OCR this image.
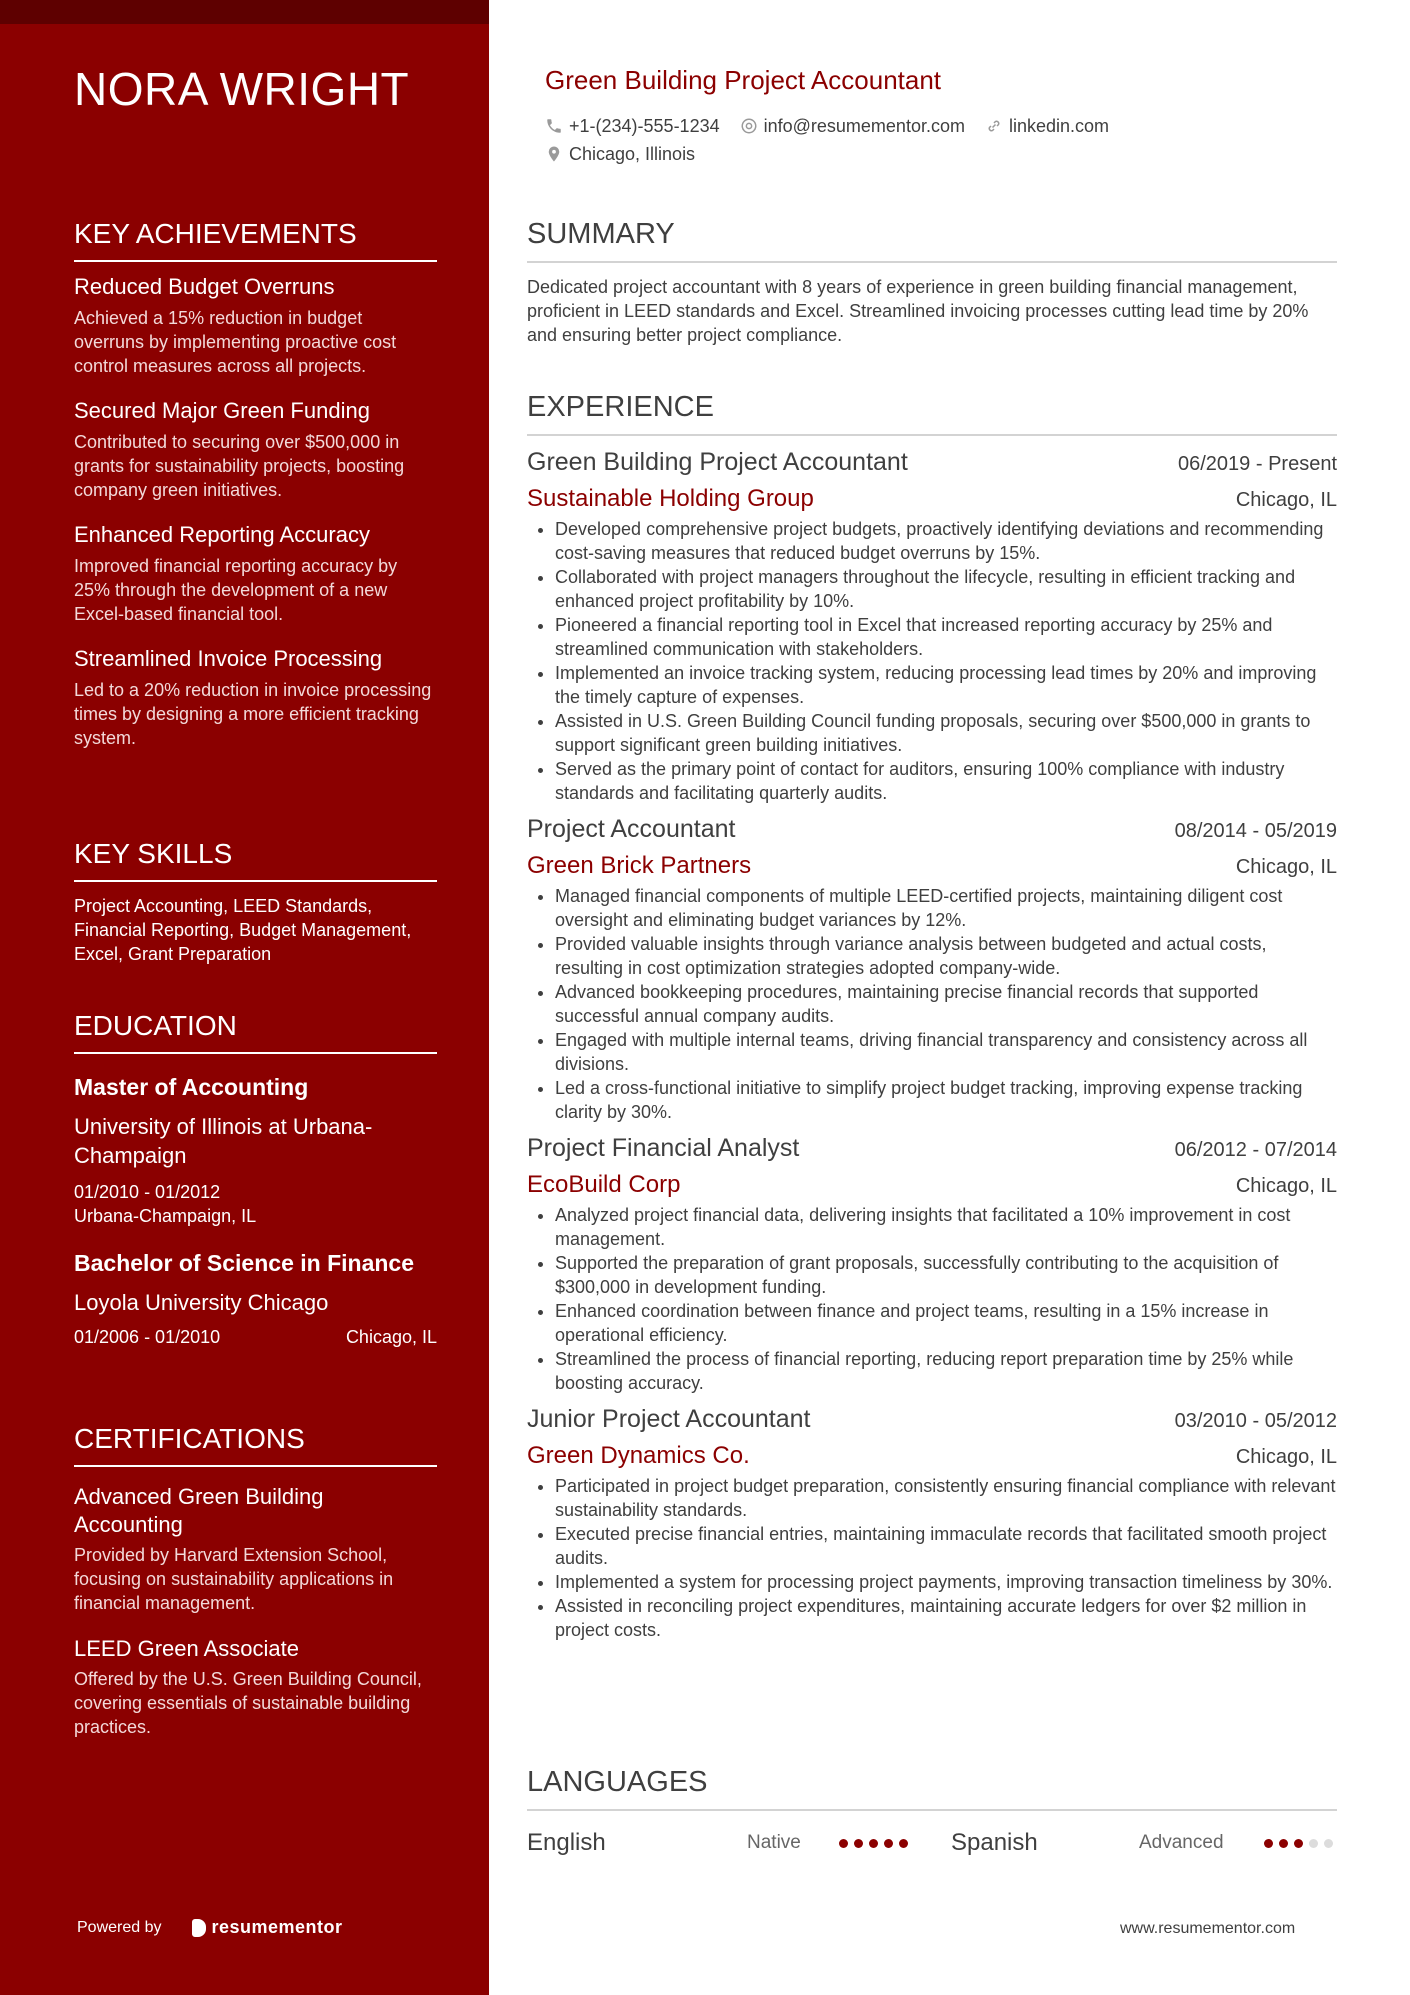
NORA WRIGHT
KEY ACHIEVEMENTS
Reduced Budget Overruns
Achieved a 15% reduction in budget overruns by implementing proactive cost control measures across all projects.
Secured Major Green Funding
Contributed to securing over $500,000 in grants for sustainability projects, boosting company green initiatives.
Enhanced Reporting Accuracy
Improved financial reporting accuracy by 25% through the development of a new Excel-based financial tool.
Streamlined Invoice Processing
Led to a 20% reduction in invoice processing times by designing a more efficient tracking system.
KEY SKILLS
Project Accounting, LEED Standards, Financial Reporting, Budget Management, Excel, Grant Preparation
EDUCATION
Master of Accounting
University of Illinois at Urbana-Champaign
01/2010 - 01/2012
Urbana-Champaign, IL
Bachelor of Science in Finance
Loyola University Chicago
01/2006 - 01/2010	Chicago, IL
CERTIFICATIONS
Advanced Green Building Accounting
Provided by Harvard Extension School, focusing on sustainability applications in financial management.
LEED Green Associate
Offered by the U.S. Green Building Council, covering essentials of sustainable building practices.
Powered by	resumementor
Green Building Project Accountant
+1-(234)-555-1234 info@resumementor.com linkedin.com
Chicago, Illinois
SUMMARY
Dedicated project accountant with 8 years of experience in green building financial management, proficient in LEED standards and Excel. Streamlined invoicing processes cutting lead time by 20% and ensuring better project compliance.
EXPERIENCE
Green Building Project Accountant	06/2019 - Present
Sustainable Holding Group	Chicago, IL
• Developed comprehensive project budgets, proactively identifying deviations and recommending cost-saving measures that reduced budget overruns by 15%.
• Collaborated with project managers throughout the lifecycle, resulting in efficient tracking and enhanced project profitability by 10%.
• Pioneered a financial reporting tool in Excel that increased reporting accuracy by 25% and streamlined communication with stakeholders.
• Implemented an invoice tracking system, reducing processing lead times by 20% and improving the timely capture of expenses.
• Assisted in U.S. Green Building Council funding proposals, securing over $500,000 in grants to support significant green building initiatives.
• Served as the primary point of contact for auditors, ensuring 100% compliance with industry standards and facilitating quarterly audits.
Project Accountant	08/2014 - 05/2019
Green Brick Partners	Chicago, IL
• Managed financial components of multiple LEED-certified projects, maintaining diligent cost oversight and eliminating budget variances by 12%.
• Provided valuable insights through variance analysis between budgeted and actual costs, resulting in cost optimization strategies adopted company-wide.
• Advanced bookkeeping procedures, maintaining precise financial records that supported successful annual company audits.
• Engaged with multiple internal teams, driving financial transparency and consistency across all divisions.
• Led a cross-functional initiative to simplify project budget tracking, improving expense tracking clarity by 30%.
Project Financial Analyst	06/2012 - 07/2014
EcoBuild Corp	Chicago, IL
• Analyzed project financial data, delivering insights that facilitated a 10% improvement in cost management.
• Supported the preparation of grant proposals, successfully contributing to the acquisition of $300,000 in development funding.
• Enhanced coordination between finance and project teams, resulting in a 15% increase in operational efficiency.
• Streamlined the process of financial reporting, reducing report preparation time by 25% while boosting accuracy.
Junior Project Accountant	03/2010 - 05/2012
Green Dynamics Co.	Chicago, IL
• Participated in project budget preparation, consistently ensuring financial compliance with relevant sustainability standards.
• Executed precise financial entries, maintaining immaculate records that facilitated smooth project audits.
• Implemented a system for processing project payments, improving transaction timeliness by 30%.
• Assisted in reconciling project expenditures, maintaining accurate ledgers for over $2 million in project costs.
LANGUAGES
English	Native	Spanish	Advanced
www.resumementor.com
